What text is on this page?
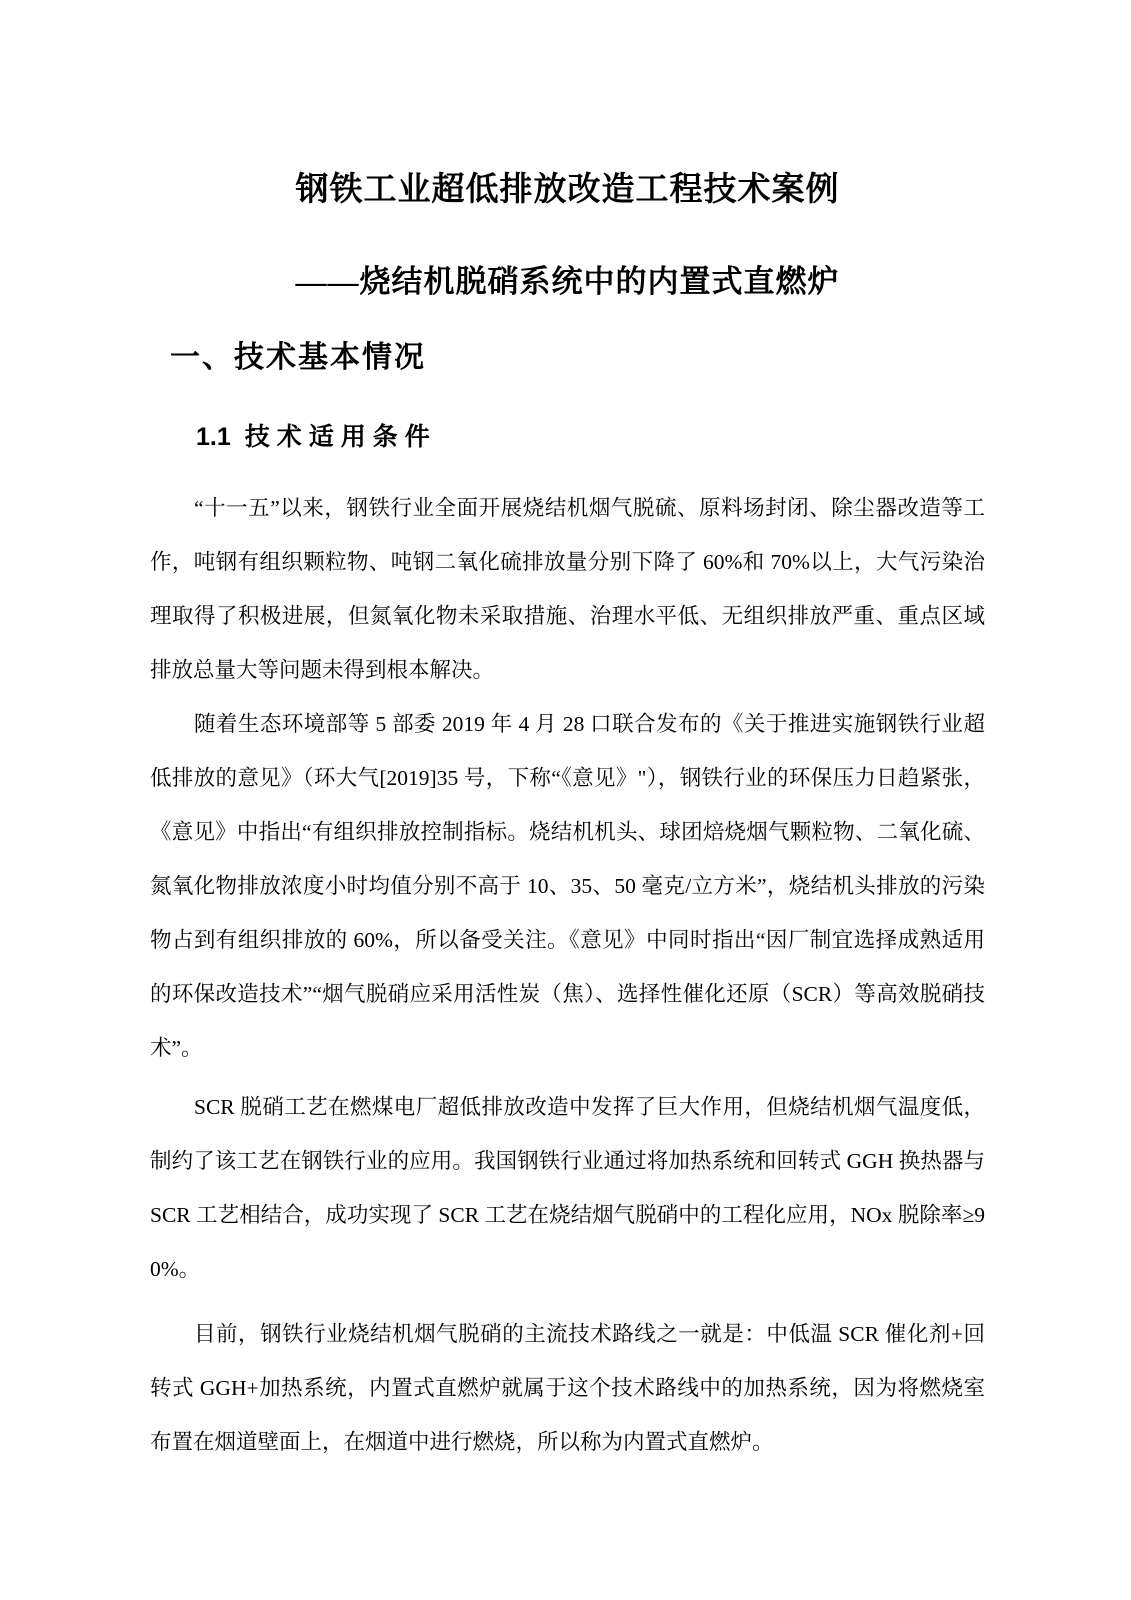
钢铁工业超低排放改造工程技术案例
——烧结机脱硝系统中的内置式直燃炉
一、技术基本情况
1.1 技术适用条件

“十一五”以来，钢铁行业全面开展烧结机烟气脱硫、原料场封闭、除尘器改造等工作，吨钢有组织颗粒物、吨钢二氧化硫排放量分别下降了 60%和 70%以上，大气污染治理取得了积极进展，但氮氧化物未采取措施、治理水平低、无组织排放严重、重点区域排放总量大等问题未得到根本解决。

随着生态环境部等 5 部委 2019 年 4 月 28 口联合发布的《关于推进实施钢铁行业超低排放的意见》（环大气[2019]35 号，下称“《意见》"），钢铁行业的环保压力日趋紧张，《意见》中指出“有组织排放控制指标。烧结机机头、球团焙烧烟气颗粒物、二氧化硫、氮氧化物排放浓度小时均值分别不高于 10、35、50 毫克/立方米”，烧结机头排放的污染物占到有组织排放的 60%，所以备受关注。《意见》中同时指出“因厂制宜选择成熟适用的环保改造技术”“烟气脱硝应采用活性炭（焦）、选择性催化还原（SCR）等高效脱硝技术”。

SCR 脱硝工艺在燃煤电厂超低排放改造中发挥了巨大作用，但烧结机烟气温度低，制约了该工艺在钢铁行业的应用。我国钢铁行业通过将加热系统和回转式 GGH 换热器与 SCR 工艺相结合，成功实现了 SCR 工艺在烧结烟气脱硝中的工程化应用，NOx 脱除率≥90%。

目前，钢铁行业烧结机烟气脱硝的主流技术路线之一就是：中低温 SCR 催化剂+回转式 GGH+加热系统，内置式直燃炉就属于这个技术路线中的加热系统，因为将燃烧室布置在烟道壁面上，在烟道中进行燃烧，所以称为内置式直燃炉。
